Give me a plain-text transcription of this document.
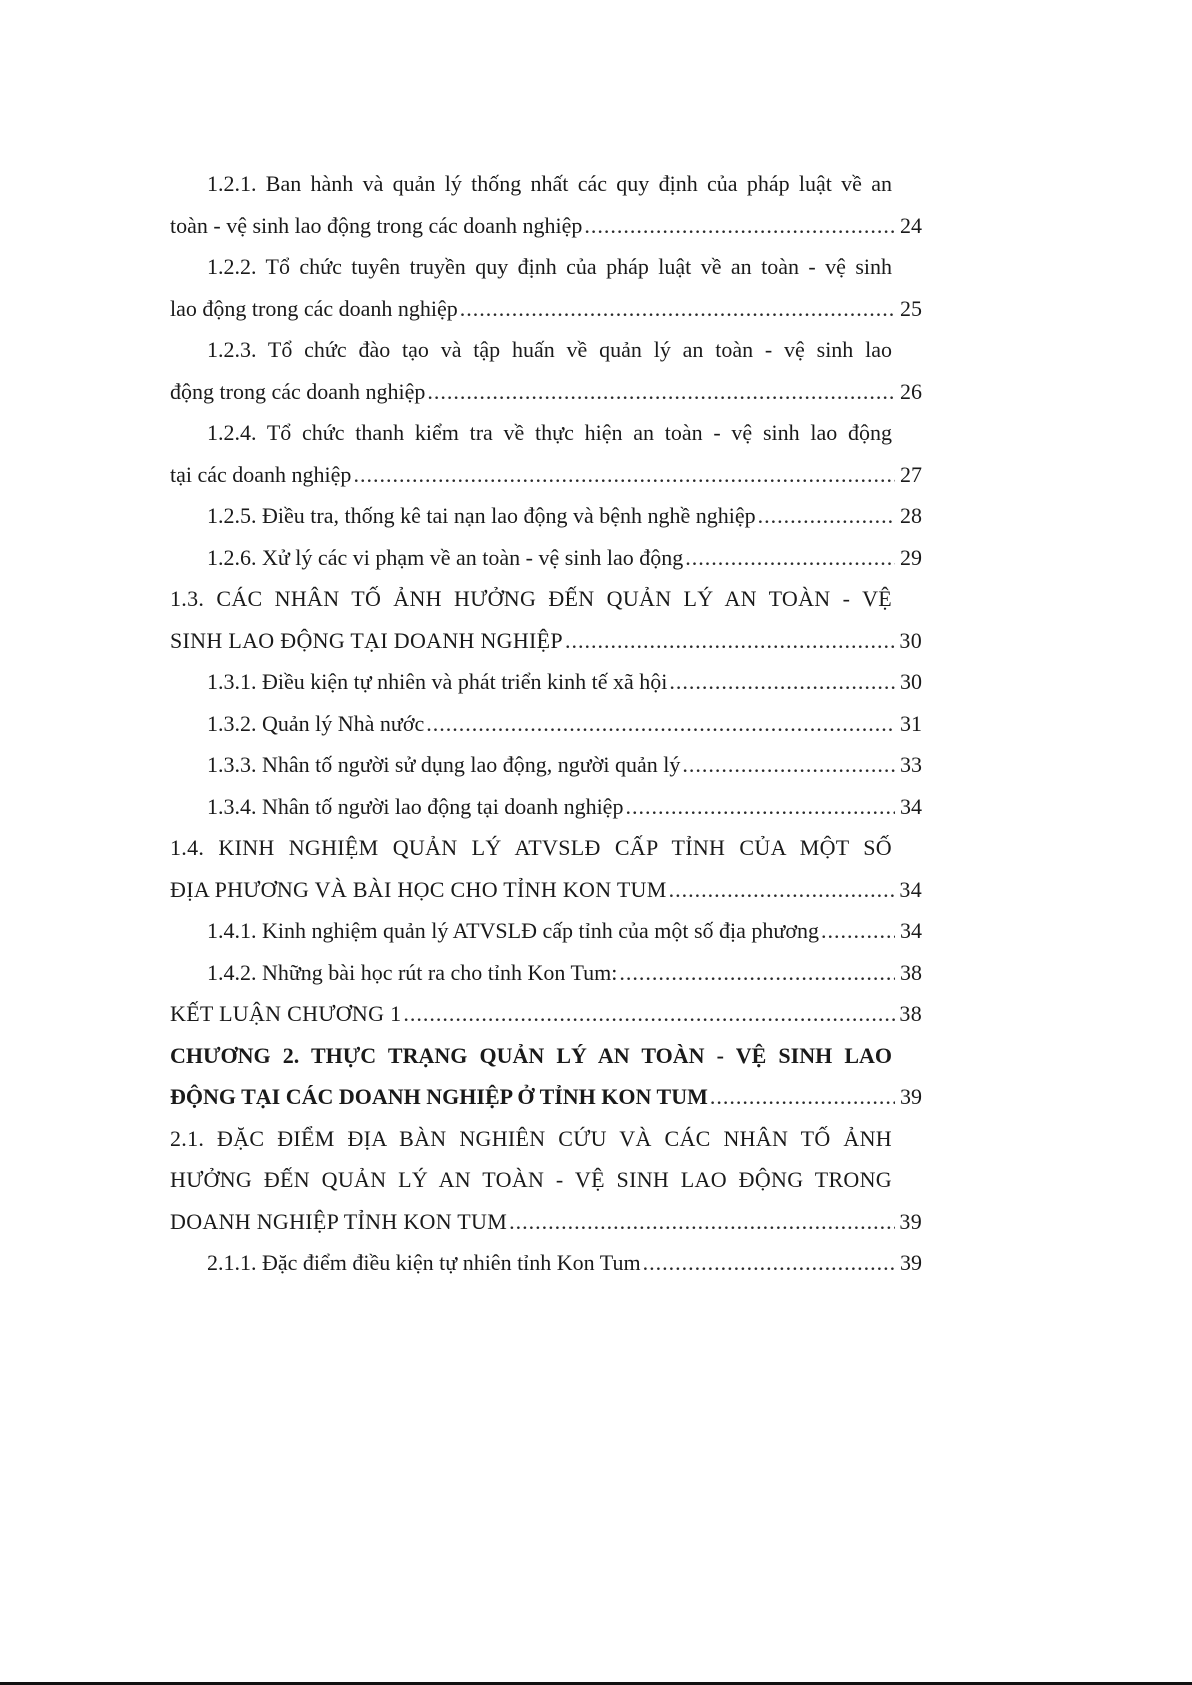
1.2.1. Ban hành và quản lý thống nhất các quy định của pháp luật về an
toàn - vệ sinh lao động trong các doanh nghiệp .....	24
1.2.2. Tổ chức tuyên truyền quy định của pháp luật về an toàn - vệ sinh
lao động trong các doanh nghiệp .....	25
1.2.3. Tổ chức đào tạo và tập huấn về quản lý an toàn - vệ sinh lao
động trong các doanh nghiệp .....	26
1.2.4. Tổ chức thanh kiểm tra về thực hiện an toàn - vệ sinh lao động
tại các doanh nghiệp .....	27
1.2.5. Điều tra, thống kê tai nạn lao động và bệnh nghề nghiệp .....	28
1.2.6. Xử lý các vi phạm về an toàn - vệ sinh lao động .....	29
1.3. CÁC NHÂN TỐ ẢNH HƯỞNG ĐẾN QUẢN LÝ AN TOÀN - VỆ
SINH LAO ĐỘNG TẠI DOANH NGHIỆP .....	30
1.3.1. Điều kiện tự nhiên và phát triển kinh tế xã hội .....	30
1.3.2. Quản lý Nhà nước .....	31
1.3.3. Nhân tố người sử dụng lao động, người quản lý .....	33
1.3.4. Nhân tố người lao động tại doanh nghiệp .....	34
1.4. KINH NGHIỆM QUẢN LÝ ATVSLĐ CẤP TỈNH CỦA MỘT SỐ
ĐỊA PHƯƠNG VÀ BÀI HỌC CHO TỈNH KON TUM .....	34
1.4.1. Kinh nghiệm quản lý ATVSLĐ cấp tỉnh của một số địa phương .....	34
1.4.2. Những bài học rút ra cho tỉnh Kon Tum: .....	38
KẾT LUẬN CHƯƠNG 1 .....	38
CHƯƠNG 2. THỰC TRẠNG QUẢN LÝ AN TOÀN - VỆ SINH LAO
ĐỘNG TẠI CÁC DOANH NGHIỆP Ở TỈNH KON TUM .....	39
2.1. ĐẶC ĐIỂM ĐỊA BÀN NGHIÊN CỨU VÀ CÁC NHÂN TỐ ẢNH
HƯỞNG ĐẾN QUẢN LÝ AN TOÀN - VỆ SINH LAO ĐỘNG TRONG
DOANH NGHIỆP TỈNH KON TUM .....	39
2.1.1. Đặc điểm điều kiện tự nhiên tỉnh Kon Tum .....	39
